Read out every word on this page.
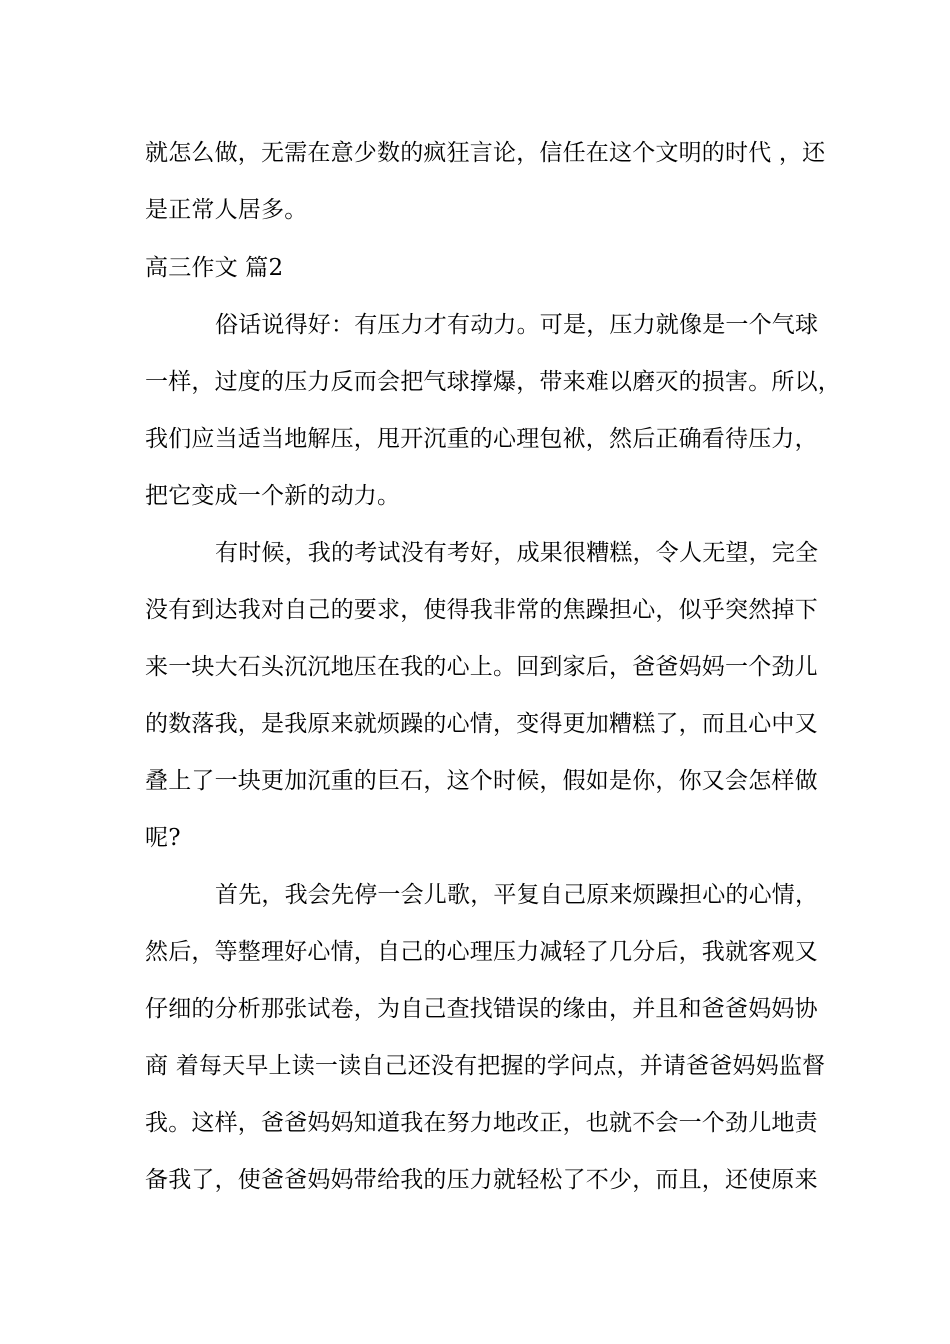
就怎么做，无需在意少数的疯狂言论，信任在这个文明的时代 ，还
是正常人居多。
高三作文 篇2
俗话说得好：有压力才有动力。可是，压力就像是一个气球
一样，过度的压力反而会把气球撑爆，带来难以磨灭的损害。所以，
我们应当适当地解压，甩开沉重的心理包袱，然后正确看待压力，
把它变成一个新的动力。
有时候，我的考试没有考好，成果很糟糕，令人无望，完全
没有到达我对自己的要求，使得我非常的焦躁担心，似乎突然掉下
来一块大石头沉沉地压在我的心上。回到家后，爸爸妈妈一个劲儿
的数落我，是我原来就烦躁的心情，变得更加糟糕了，而且心中又
叠上了一块更加沉重的巨石，这个时候，假如是你，你又会怎样做
呢?
首先，我会先停一会儿歌，平复自己原来烦躁担心的心情，
然后，等整理好心情，自己的心理压力减轻了几分后，我就客观又
仔细的分析那张试卷，为自己查找错误的缘由，并且和爸爸妈妈协
商 着每天早上读一读自己还没有把握的学问点，并请爸爸妈妈监督
我。这样，爸爸妈妈知道我在努力地改正，也就不会一个劲儿地责
备我了，使爸爸妈妈带给我的压力就轻松了不少，而且，还使原来
